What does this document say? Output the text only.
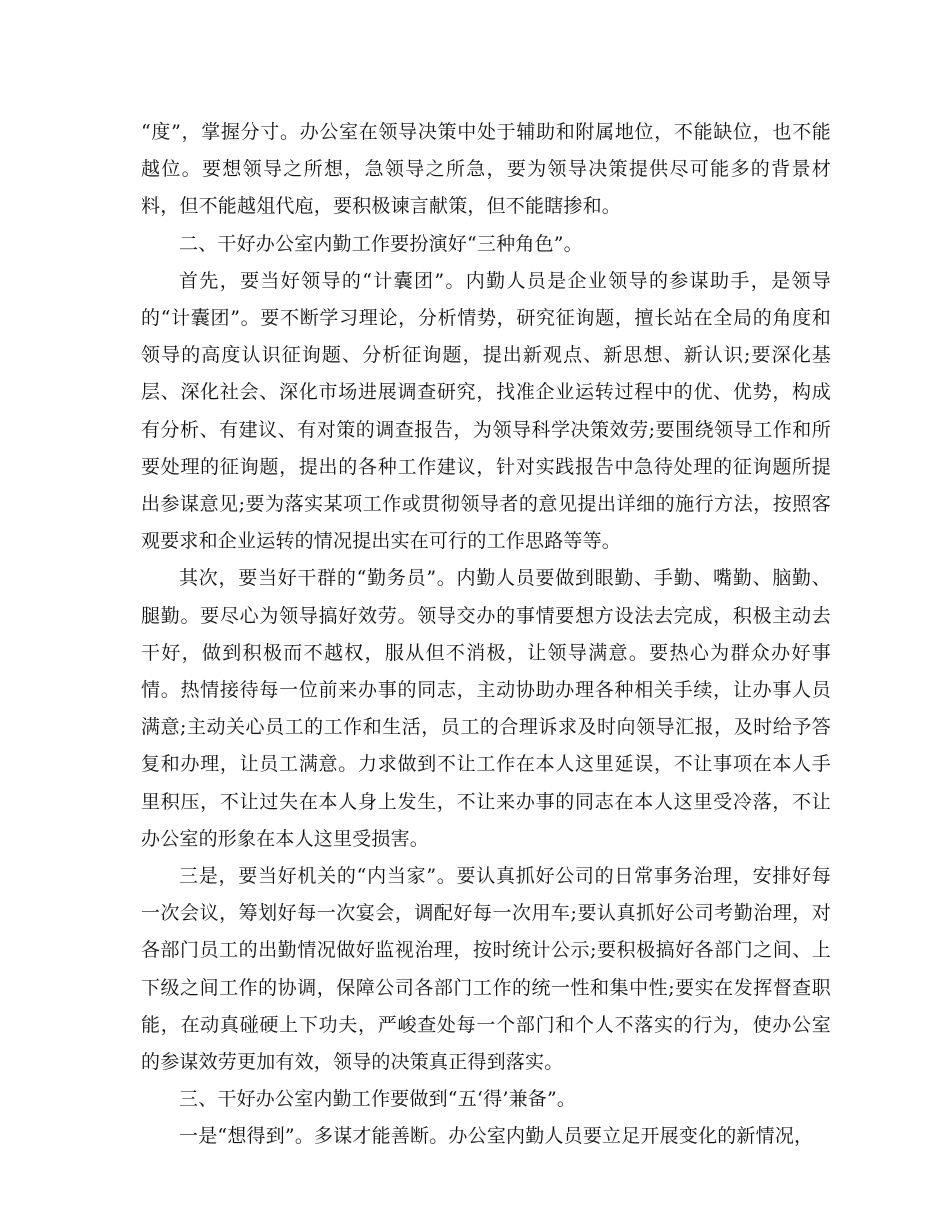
“度”，掌握分寸。办公室在领导决策中处于辅助和附属地位，不能缺位，也不能越位。要想领导之所想，急领导之所急，要为领导决策提供尽可能多的背景材料，但不能越俎代庖，要积极谏言献策，但不能瞎掺和。

二、干好办公室内勤工作要扮演好“三种角色”。

首先，要当好领导的“计囊团”。内勤人员是企业领导的参谋助手，是领导的“计囊团”。要不断学习理论，分析情势，研究征询题，擅长站在全局的角度和领导的高度认识征询题、分析征询题，提出新观点、新思想、新认识;要深化基层、深化社会、深化市场进展调查研究，找准企业运转过程中的优、优势，构成有分析、有建议、有对策的调查报告，为领导科学决策效劳;要围绕领导工作和所要处理的征询题，提出的各种工作建议，针对实践报告中急待处理的征询题所提出参谋意见;要为落实某项工作或贯彻领导者的意见提出详细的施行方法，按照客观要求和企业运转的情况提出实在可行的工作思路等等。

其次，要当好干群的“勤务员”。内勤人员要做到眼勤、手勤、嘴勤、脑勤、腿勤。要尽心为领导搞好效劳。领导交办的事情要想方设法去完成，积极主动去干好，做到积极而不越权，服从但不消极，让领导满意。要热心为群众办好事情。热情接待每一位前来办事的同志，主动协助办理各种相关手续，让办事人员满意;主动关心员工的工作和生活，员工的合理诉求及时向领导汇报，及时给予答复和办理，让员工满意。力求做到不让工作在本人这里延误，不让事项在本人手里积压，不让过失在本人身上发生，不让来办事的同志在本人这里受冷落，不让办公室的形象在本人这里受损害。

三是，要当好机关的“内当家”。要认真抓好公司的日常事务治理，安排好每一次会议，筹划好每一次宴会，调配好每一次用车;要认真抓好公司考勤治理，对各部门员工的出勤情况做好监视治理，按时统计公示;要积极搞好各部门之间、上下级之间工作的协调，保障公司各部门工作的统一性和集中性;要实在发挥督查职能，在动真碰硬上下功夫，严峻查处每一个部门和个人不落实的行为，使办公室的参谋效劳更加有效，领导的决策真正得到落实。

三、干好办公室内勤工作要做到“五‘得’兼备”。

一是“想得到”。多谋才能善断。办公室内勤人员要立足开展变化的新情况，
